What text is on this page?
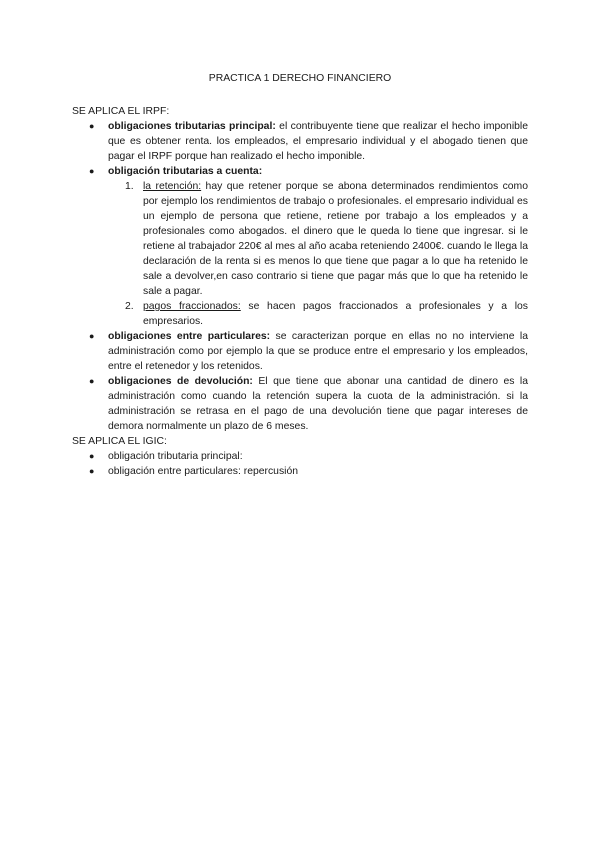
PRACTICA 1 DERECHO FINANCIERO

SE APLICA EL IRPF:

● obligaciones tributarias principal: el contribuyente tiene que realizar el hecho imponible que es obtener renta. los empleados, el empresario individual y el abogado tienen que pagar el IRPF porque han realizado el hecho imponible.
● obligación tributarias a cuenta:
1. la retención: hay que retener porque se abona determinados rendimientos como por ejemplo los rendimientos de trabajo o profesionales. el empresario individual es un ejemplo de persona que retiene, retiene por trabajo a los empleados y a profesionales como abogados. el dinero que le queda lo tiene que ingresar. si le retiene al trabajador 220€ al mes al año acaba reteniendo 2400€. cuando le llega la declaración de la renta si es menos lo que tiene que pagar a lo que ha retenido le sale a devolver,en caso contrario si tiene que pagar más que lo que ha retenido le sale a pagar.
2. pagos fraccionados: se hacen pagos fraccionados a profesionales y a los empresarios.
● obligaciones entre particulares: se caracterizan porque en ellas no no interviene la administración como por ejemplo la que se produce entre el empresario y los empleados, entre el retenedor y los retenidos.
● obligaciones de devolución: El que tiene que abonar una cantidad de dinero es la administración como cuando la retención supera la cuota de la administración. si la administración se retrasa en el pago de una devolución tiene que pagar intereses de demora normalmente un plazo de 6 meses.

SE APLICA EL IGIC:

● obligación tributaria principal:
● obligación entre particulares: repercusión
